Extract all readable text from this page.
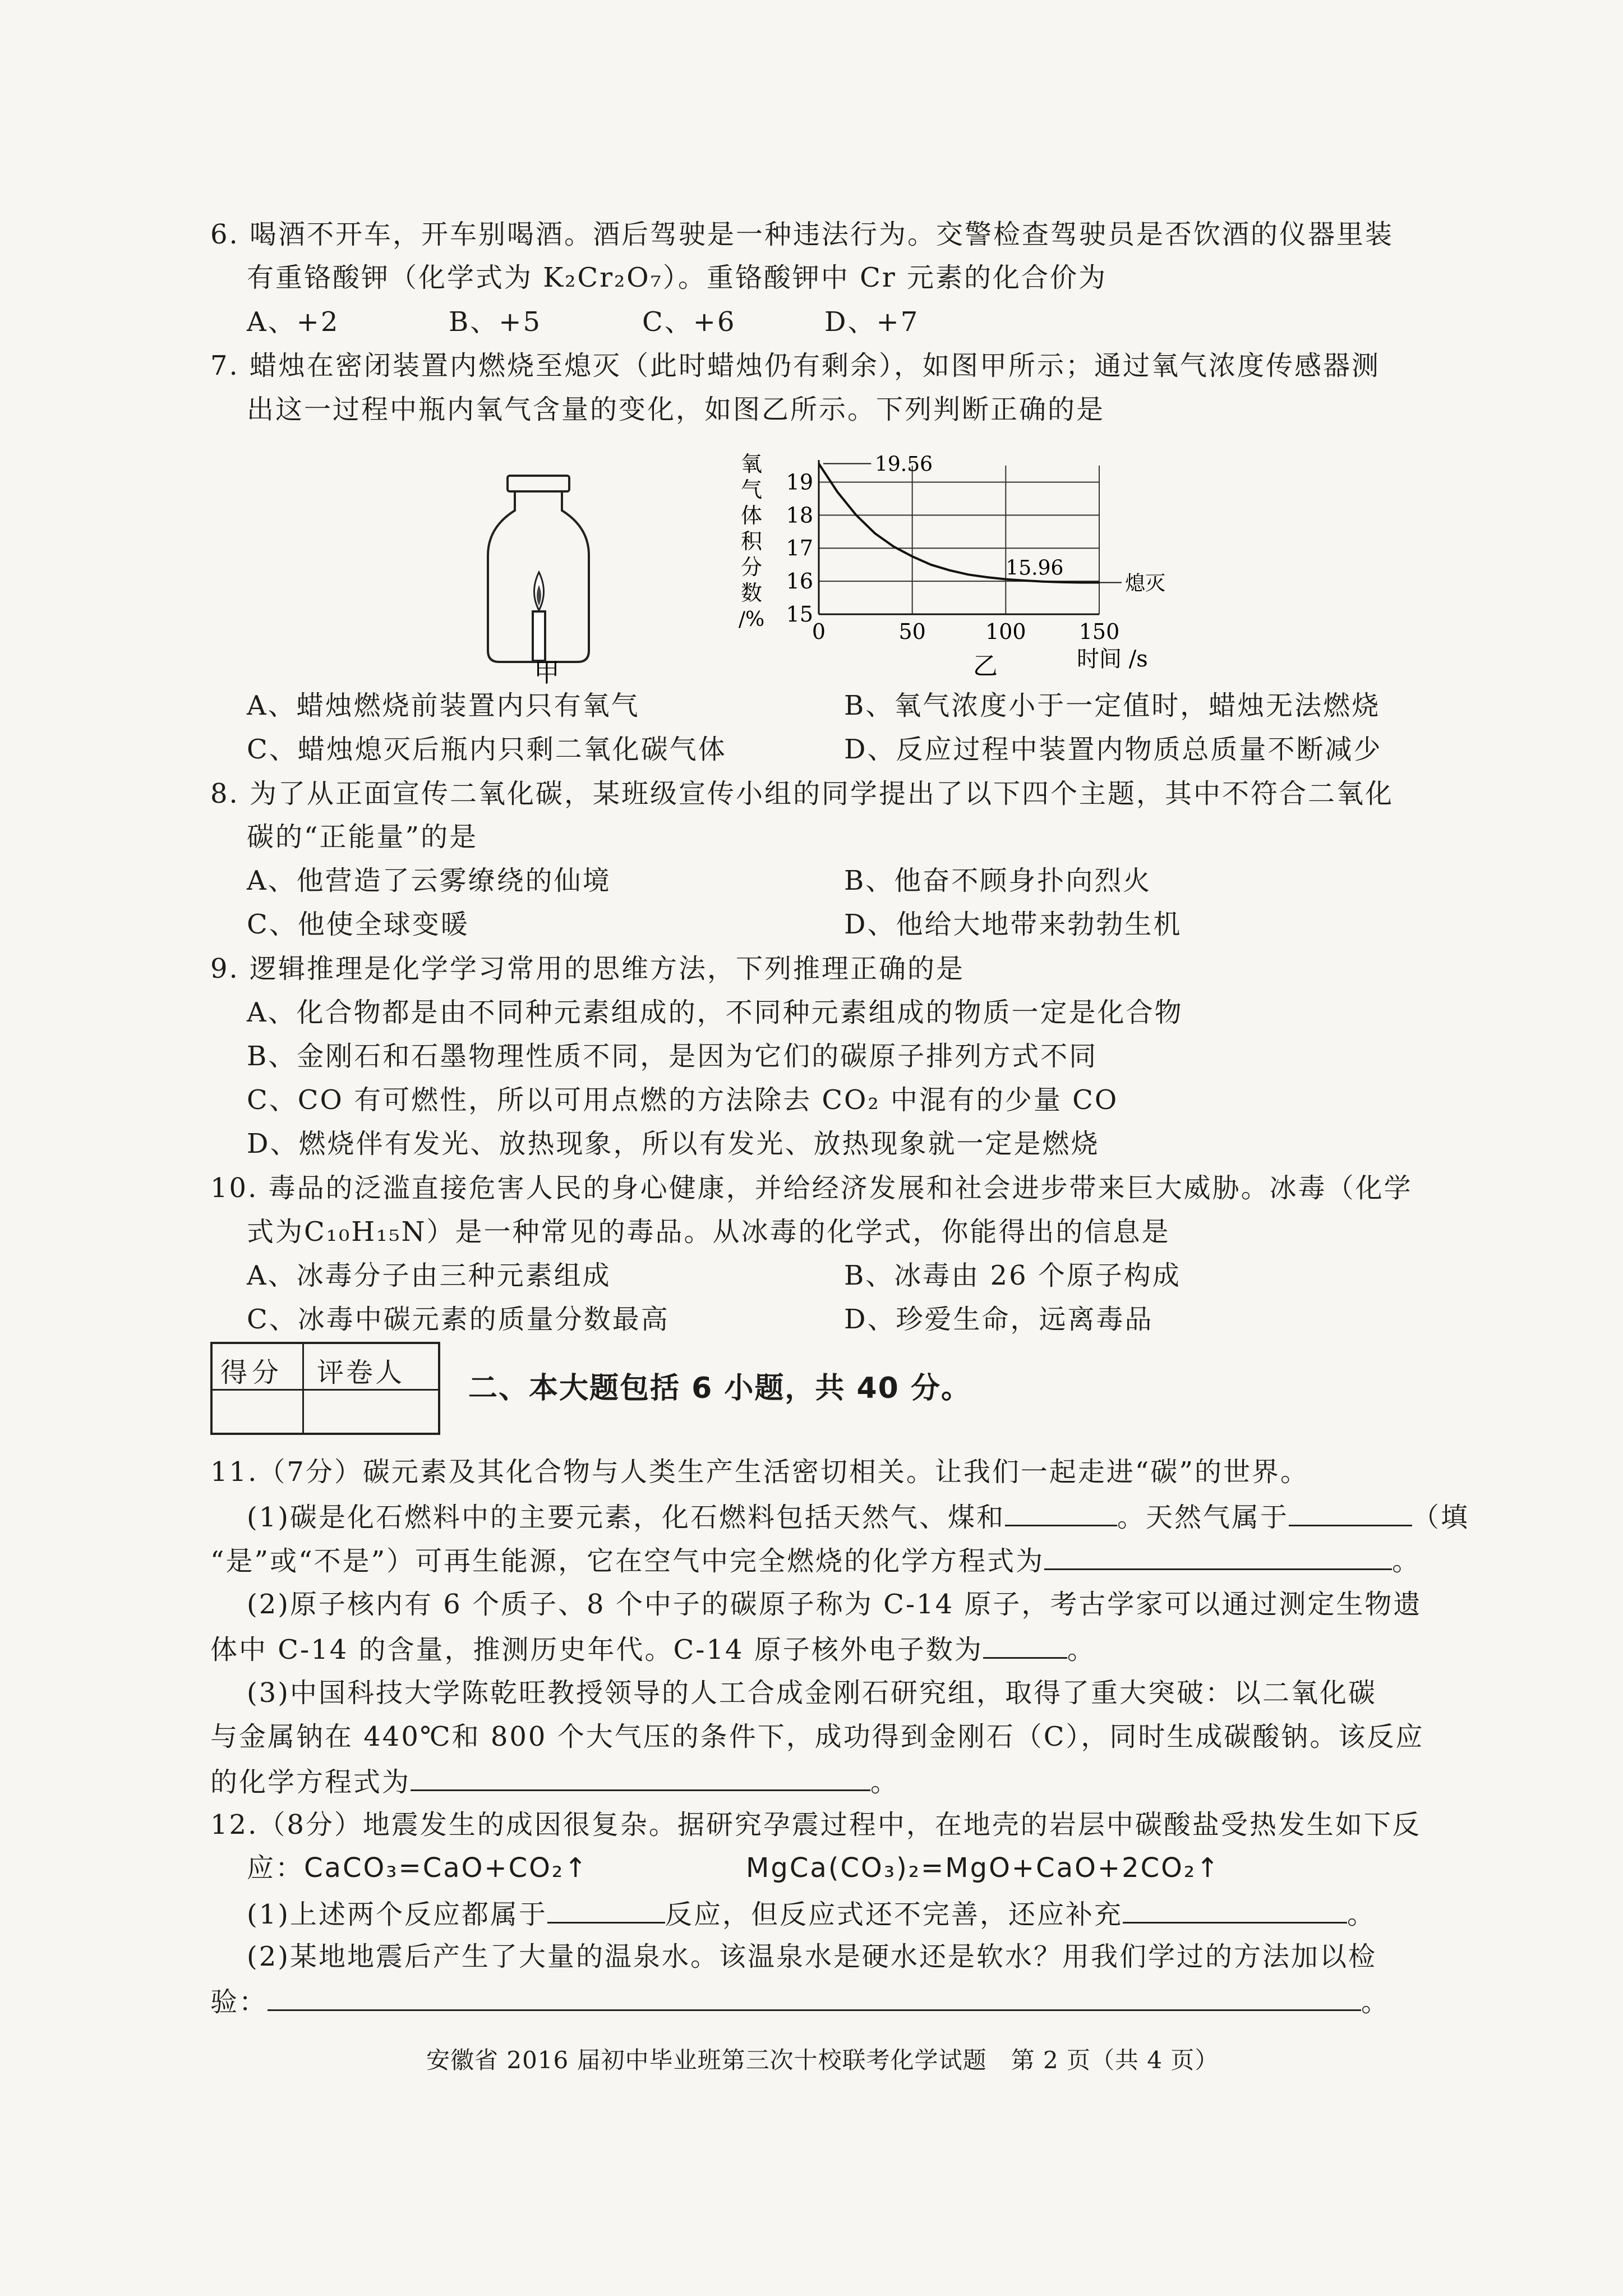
6. 喝酒不开车，开车别喝酒。酒后驾驶是一种违法行为。交警检查驾驶员是否饮酒的仪器里装
有重铬酸钾（化学式为 K₂Cr₂O₇）。重铬酸钾中 Cr 元素的化合价为
A、+2	B、+5	C、+6	D、+7
7. 蜡烛在密闭装置内燃烧至熄灭（此时蜡烛仍有剩余），如图甲所示；通过氧气浓度传感器测
出这一过程中瓶内氧气含量的变化，如图乙所示。下列判断正确的是
甲
氧
气
体
积
分
数
/% 0	50	100 150
15
16
17
18
19
19.56
15.96
熄灭
乙	时间 /s
A、蜡烛燃烧前装置内只有氧气	B、氧气浓度小于一定值时，蜡烛无法燃烧
C、蜡烛熄灭后瓶内只剩二氧化碳气体	D、反应过程中装置内物质总质量不断减少
8. 为了从正面宣传二氧化碳，某班级宣传小组的同学提出了以下四个主题，其中不符合二氧化
碳的“正能量”的是
A、他营造了云雾缭绕的仙境	B、他奋不顾身扑向烈火
C、他使全球变暖	D、他给大地带来勃勃生机
9. 逻辑推理是化学学习常用的思维方法，下列推理正确的是
A、化合物都是由不同种元素组成的，不同种元素组成的物质一定是化合物
B、金刚石和石墨物理性质不同，是因为它们的碳原子排列方式不同
C、CO 有可燃性，所以可用点燃的方法除去 CO₂ 中混有的少量 CO
D、燃烧伴有发光、放热现象，所以有发光、放热现象就一定是燃烧
10. 毒品的泛滥直接危害人民的身心健康，并给经济发展和社会进步带来巨大威胁。冰毒（化学
式为C₁₀H₁₅N）是一种常见的毒品。从冰毒的化学式，你能得出的信息是
A、冰毒分子由三种元素组成	B、冰毒由 26 个原子构成
C、冰毒中碳元素的质量分数最高	D、珍爱生命，远离毒品
得分 评卷人 二、本大题包括 6 小题，共 40 分。
11.（7分）碳元素及其化合物与人类生产生活密切相关。让我们一起走进“碳”的世界。
(1)碳是化石燃料中的主要元素，化石燃料包括天然气、煤和	。天然气属于	（填
“是”或“不是”）可再生能源，它在空气中完全燃烧的化学方程式为	。
(2)原子核内有 6 个质子、8 个中子的碳原子称为 C-14 原子，考古学家可以通过测定生物遗
体中 C-14 的含量，推测历史年代。C-14 原子核外电子数为	。
(3)中国科技大学陈乾旺教授领导的人工合成金刚石研究组，取得了重大突破：以二氧化碳
与金属钠在 440℃和 800 个大气压的条件下，成功得到金刚石（C），同时生成碳酸钠。该反应
的化学方程式为	。
12.（8分）地震发生的成因很复杂。据研究孕震过程中，在地壳的岩层中碳酸盐受热发生如下反
应：CaCO₃=CaO+CO₂↑	MgCa(CO₃)₂=MgO+CaO+2CO₂↑
(1)上述两个反应都属于	反应，但反应式还不完善，还应补充	。
(2)某地地震后产生了大量的温泉水。该温泉水是硬水还是软水？用我们学过的方法加以检
验：	。
安徽省 2016 届初中毕业班第三次十校联考化学试题　第 2 页（共 4 页）
